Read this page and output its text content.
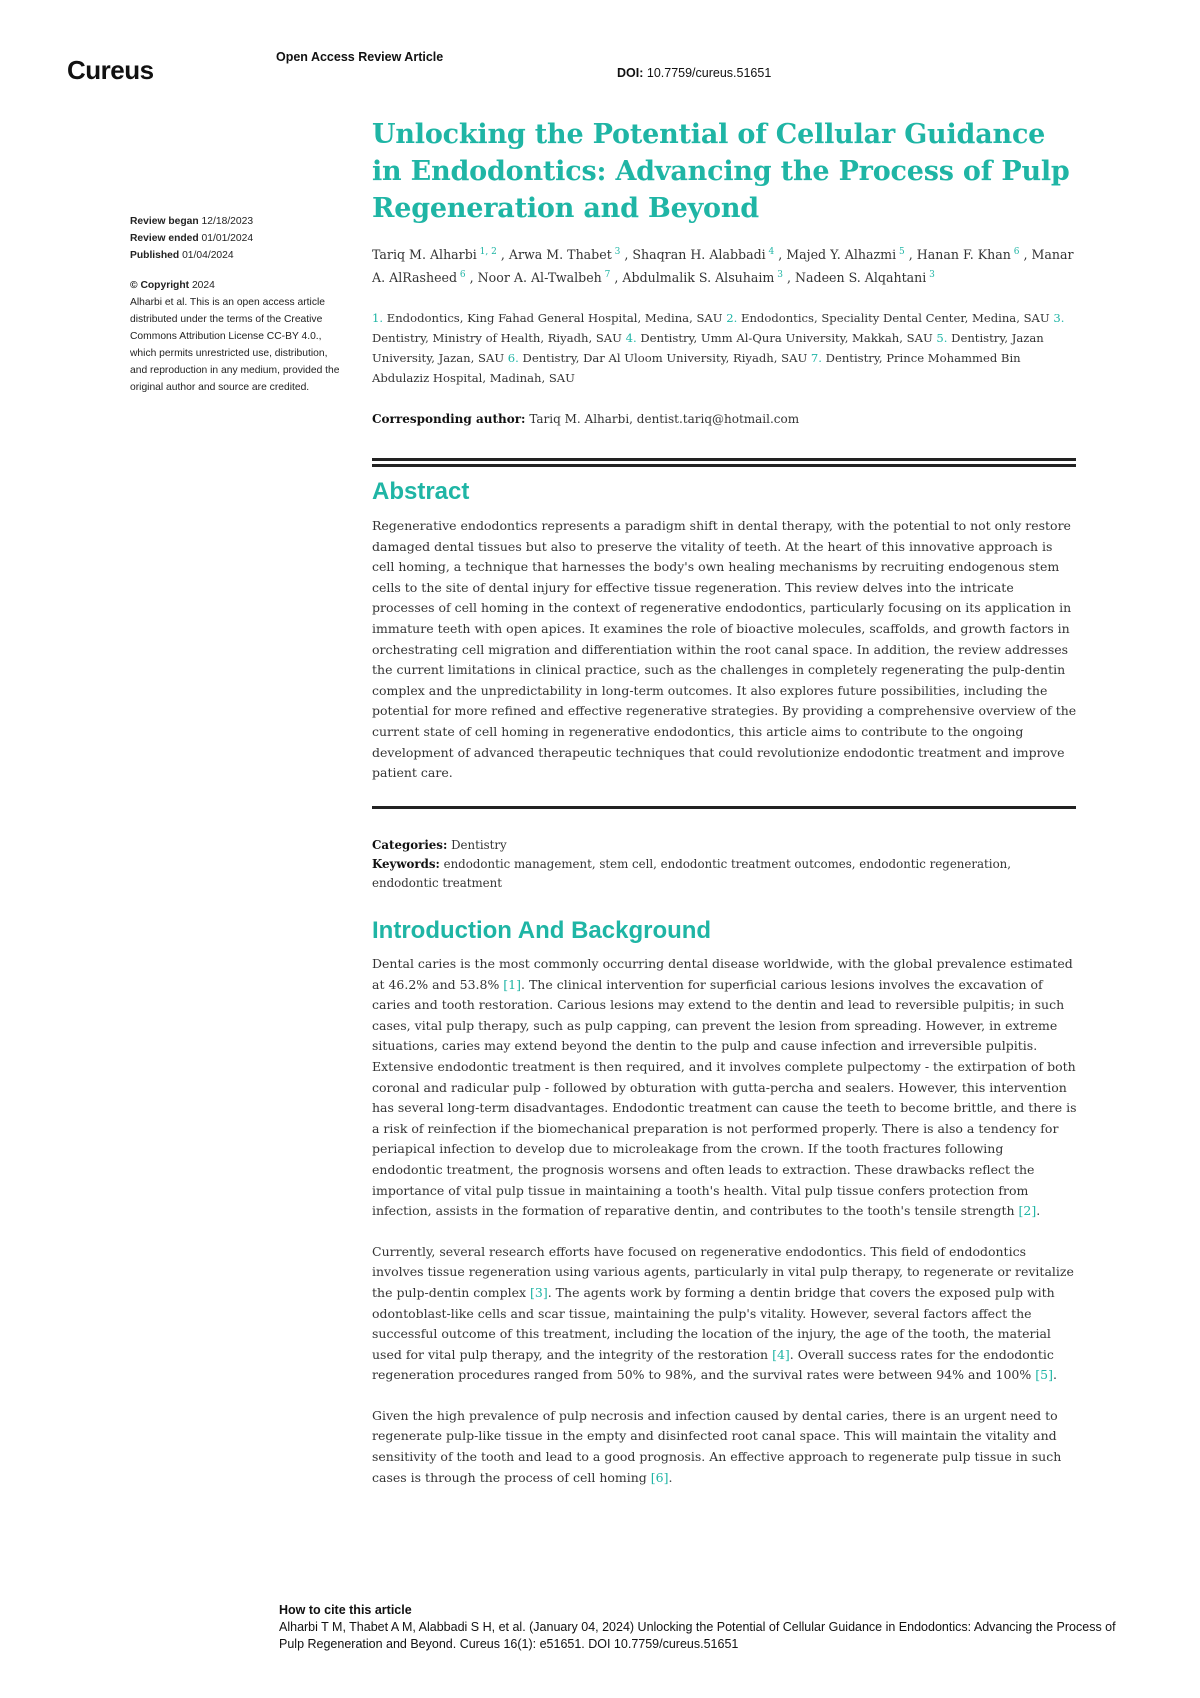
Cureus	Open Access Review Article
DOI: 10.7759/cureus.51651
Review began 12/18/2023
Review ended 01/01/2024
Published 01/04/2024
© Copyright 2024
Alharbi et al. This is an open access article distributed under the terms of the Creative Commons Attribution License CC-BY 4.0., which permits unrestricted use, distribution, and reproduction in any medium, provided the original author and source are credited.
Unlocking the Potential of Cellular Guidance in Endodontics: Advancing the Process of Pulp Regeneration and Beyond
Tariq M. Alharbi $^{1, 2}$ , Arwa M. Thabet $^3$ , Shaqran H. Alabbadi $^4$ , Majed Y. Alhazmi $^5$ , Hanan F. Khan $^6$ , Manar A. AlRasheed $^6$ , Noor A. Al-Twalbeh $^7$ , Abdulmalik S. Alsuhaim $^3$ , Nadeen S. Alqahtani $^3$
1. Endodontics, King Fahad General Hospital, Medina, SAU 2. Endodontics, Speciality Dental Center, Medina, SAU 3. Dentistry, Ministry of Health, Riyadh, SAU 4. Dentistry, Umm Al-Qura University, Makkah, SAU 5. Dentistry, Jazan University, Jazan, SAU 6. Dentistry, Dar Al Uloom University, Riyadh, SAU 7. Dentistry, Prince Mohammed Bin Abdulaziz Hospital, Madinah, SAU
Corresponding author: Tariq M. Alharbi, dentist.tariq@hotmail.com
Abstract
Regenerative endodontics represents a paradigm shift in dental therapy, with the potential to not only restore damaged dental tissues but also to preserve the vitality of teeth. At the heart of this innovative approach is cell homing, a technique that harnesses the body's own healing mechanisms by recruiting endogenous stem cells to the site of dental injury for effective tissue regeneration. This review delves into the intricate processes of cell homing in the context of regenerative endodontics, particularly focusing on its application in immature teeth with open apices. It examines the role of bioactive molecules, scaffolds, and growth factors in orchestrating cell migration and differentiation within the root canal space. In addition, the review addresses the current limitations in clinical practice, such as the challenges in completely regenerating the pulp-dentin complex and the unpredictability in long-term outcomes. It also explores future possibilities, including the potential for more refined and effective regenerative strategies. By providing a comprehensive overview of the current state of cell homing in regenerative endodontics, this article aims to contribute to the ongoing development of advanced therapeutic techniques that could revolutionize endodontic treatment and improve patient care.
Categories: Dentistry
Keywords: endodontic management, stem cell, endodontic treatment outcomes, endodontic regeneration, endodontic treatment
Introduction And Background

Dental caries is the most commonly occurring dental disease worldwide, with the global prevalence estimated at 46.2% and 53.8% [1]. The clinical intervention for superficial carious lesions involves the excavation of caries and tooth restoration. Carious lesions may extend to the dentin and lead to reversible pulpitis; in such cases, vital pulp therapy, such as pulp capping, can prevent the lesion from spreading. However, in extreme situations, caries may extend beyond the dentin to the pulp and cause infection and irreversible pulpitis. Extensive endodontic treatment is then required, and it involves complete pulpectomy - the extirpation of both coronal and radicular pulp - followed by obturation with gutta-percha and sealers. However, this intervention has several long-term disadvantages. Endodontic treatment can cause the teeth to become brittle, and there is a risk of reinfection if the biomechanical preparation is not performed properly. There is also a tendency for periapical infection to develop due to microleakage from the crown. If the tooth fractures following endodontic treatment, the prognosis worsens and often leads to extraction. These drawbacks reflect the importance of vital pulp tissue in maintaining a tooth's health. Vital pulp tissue confers protection from infection, assists in the formation of reparative dentin, and contributes to the tooth's tensile strength [2].

Currently, several research efforts have focused on regenerative endodontics. This field of endodontics involves tissue regeneration using various agents, particularly in vital pulp therapy, to regenerate or revitalize the pulp-dentin complex [3]. The agents work by forming a dentin bridge that covers the exposed pulp with odontoblast-like cells and scar tissue, maintaining the pulp's vitality. However, several factors affect the successful outcome of this treatment, including the location of the injury, the age of the tooth, the material used for vital pulp therapy, and the integrity of the restoration [4]. Overall success rates for the endodontic regeneration procedures ranged from 50% to 98%, and the survival rates were between 94% and 100% [5].

Given the high prevalence of pulp necrosis and infection caused by dental caries, there is an urgent need to regenerate pulp-like tissue in the empty and disinfected root canal space. This will maintain the vitality and sensitivity of the tooth and lead to a good prognosis. An effective approach to regenerate pulp tissue in such cases is through the process of cell homing [6].

How to cite this article
Alharbi T M, Thabet A M, Alabbadi S H, et al. (January 04, 2024) Unlocking the Potential of Cellular Guidance in Endodontics: Advancing the Process of Pulp Regeneration and Beyond. Cureus 16(1): e51651. DOI 10.7759/cureus.51651
